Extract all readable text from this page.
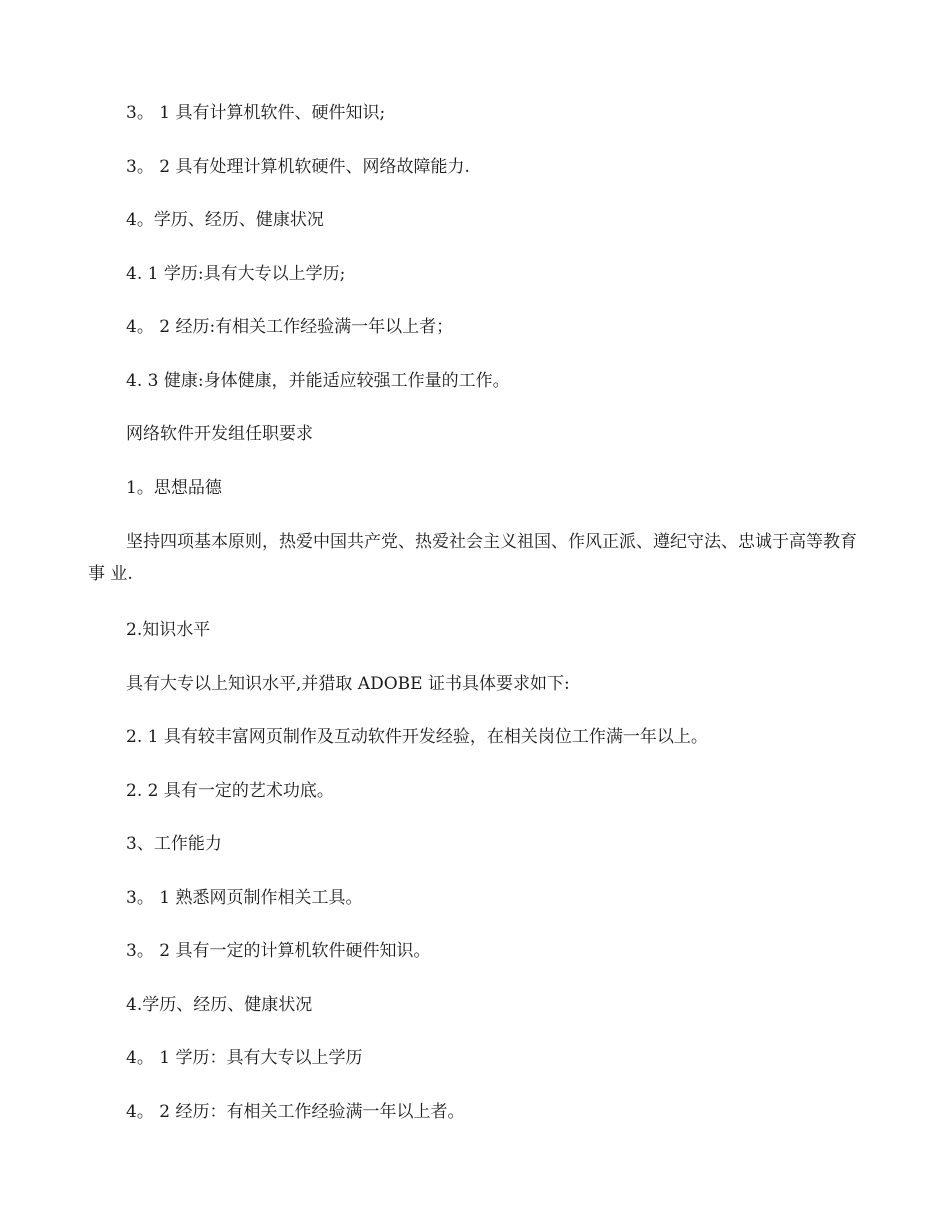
3。 1 具有计算机软件、硬件知识;

3。 2 具有处理计算机软硬件、网络故障能力.

4。学历、经历、健康状况

4. 1 学历:具有大专以上学历;

4。 2 经历:有相关工作经验满一年以上者；

4. 3 健康:身体健康，并能适应较强工作量的工作。

网络软件开发组任职要求

1。思想品德

坚持四项基本原则，热爱中国共产党、热爱社会主义祖国、作风正派、遵纪守法、忠诚于高等教育事 业.

2.知识水平

具有大专以上知识水平,并猎取 ADOBE 证书具体要求如下:

2. 1 具有较丰富网页制作及互动软件开发经验，在相关岗位工作满一年以上。

2. 2 具有一定的艺术功底。

3、工作能力

3。 1 熟悉网页制作相关工具。

3。 2 具有一定的计算机软件硬件知识。

4.学历、经历、健康状况

4。 1 学历：具有大专以上学历

4。 2 经历：有相关工作经验满一年以上者。
